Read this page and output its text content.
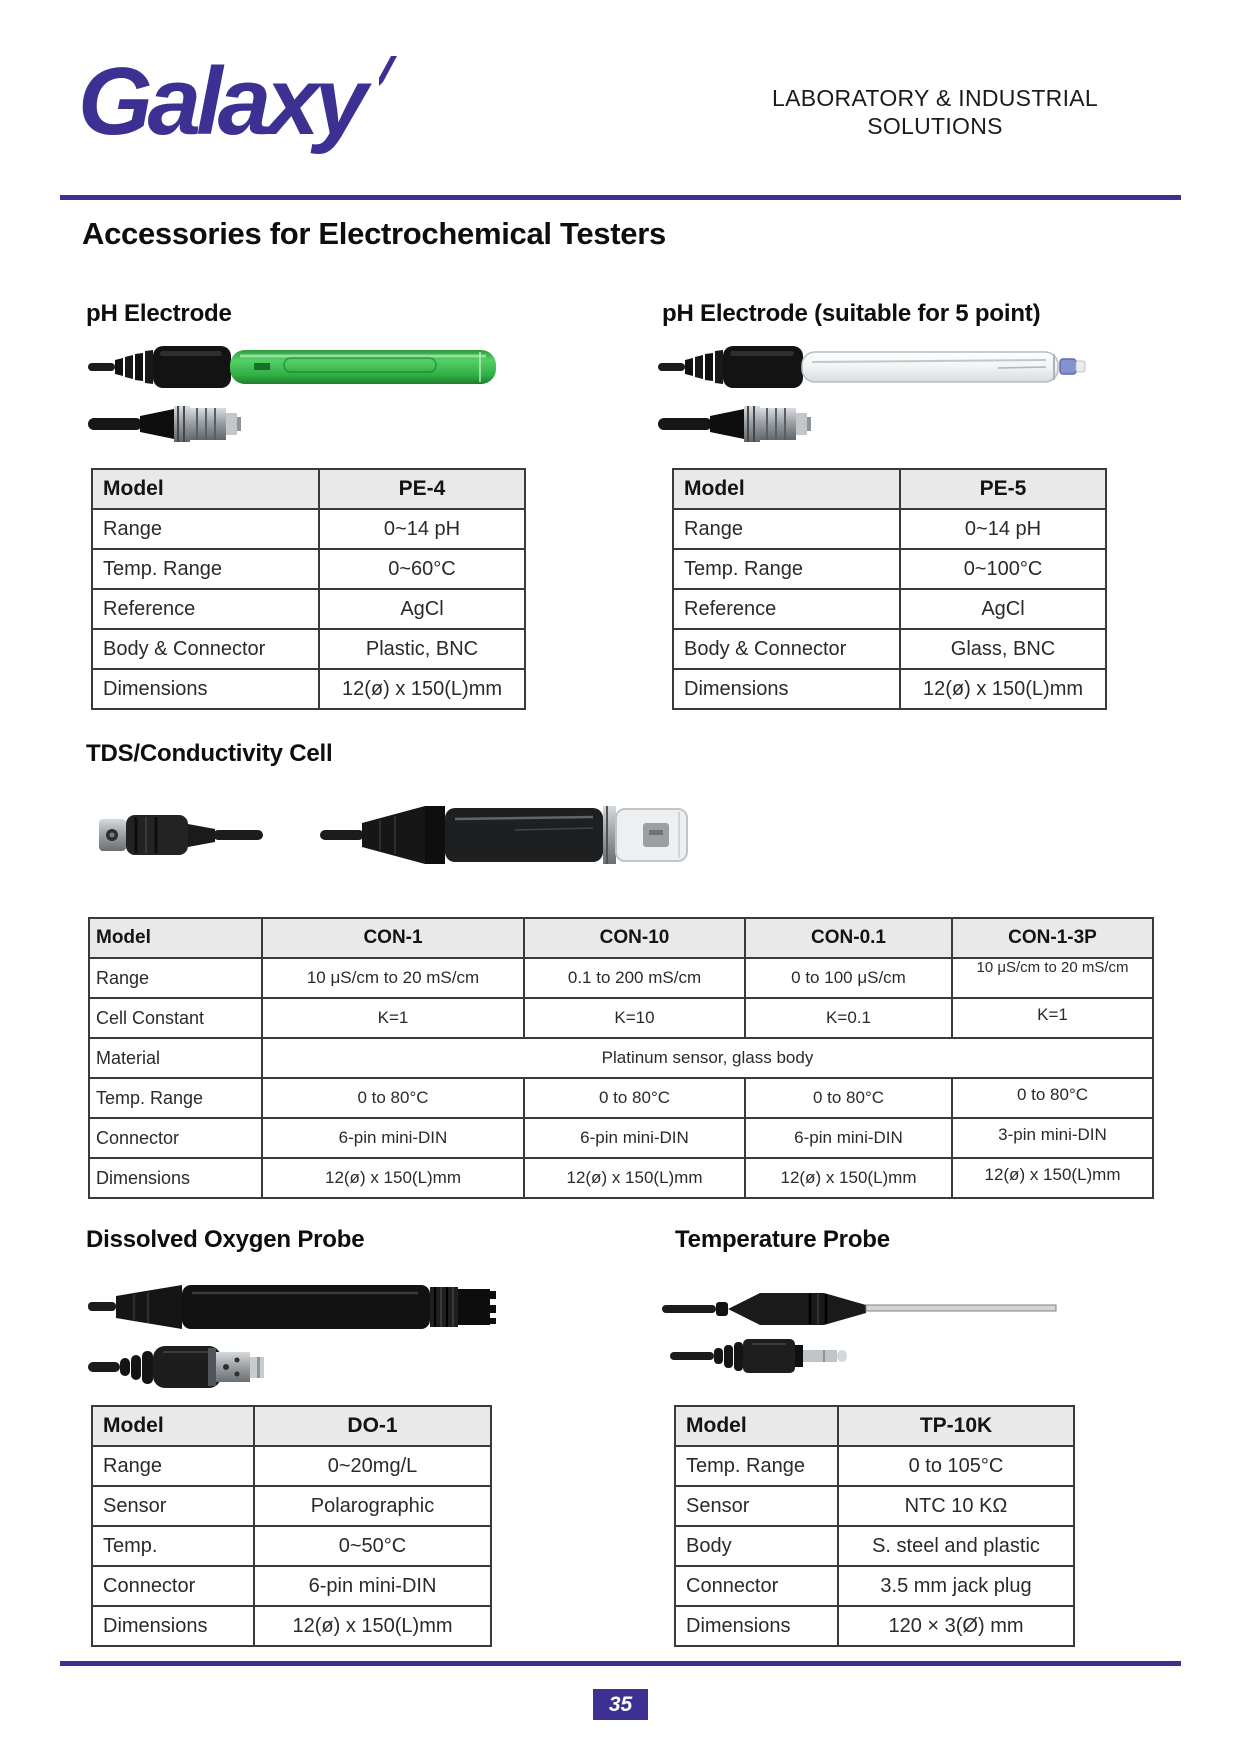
Galaxy	LABORATORY & INDUSTRIAL
SOLUTIONS
Accessories for Electrochemical Testers
pH Electrode	pH Electrode (suitable for 5 point)
Model	PE-4
Range	0~14 pH
Temp. Range	0~60°C
Reference	AgCl
Body & Connector	Plastic, BNC
Dimensions	12(ø) x 150(L)mm
Model	PE-5
Range	0~14 pH
Temp. Range	0~100°C
Reference	AgCl
Body & Connector	Glass, BNC
Dimensions	12(ø) x 150(L)mm
TDS/Conductivity Cell
Model	CON-1	CON-10	CON-0.1	CON-1-3P
Range	10 μS/cm to 20 mS/cm	0.1 to 200 mS/cm	0 to 100 μS/cm	10 μS/cm to 20 mS/cm
Cell Constant	K=1	K=10	K=0.1	K=1
Material	Platinum sensor, glass body			
Temp. Range	0 to 80°C	0 to 80°C	0 to 80°C	0 to 80°C
Connector	6-pin mini-DIN	6-pin mini-DIN	6-pin mini-DIN	3-pin mini-DIN
Dimensions	12(ø) x 150(L)mm	12(ø) x 150(L)mm	12(ø) x 150(L)mm	12(ø) x 150(L)mm
Dissolved Oxygen Probe	Temperature Probe
Model	DO-1
Range	0~20mg/L
Sensor	Polarographic
Temp.	0~50°C
Connector	6-pin mini-DIN
Dimensions	12(ø) x 150(L)mm
Model	TP-10K
Temp. Range	0 to 105°C
Sensor	NTC 10 KΩ
Body	S. steel and plastic
Connector	3.5 mm jack plug
Dimensions	120 × 3(Ø) mm
35
